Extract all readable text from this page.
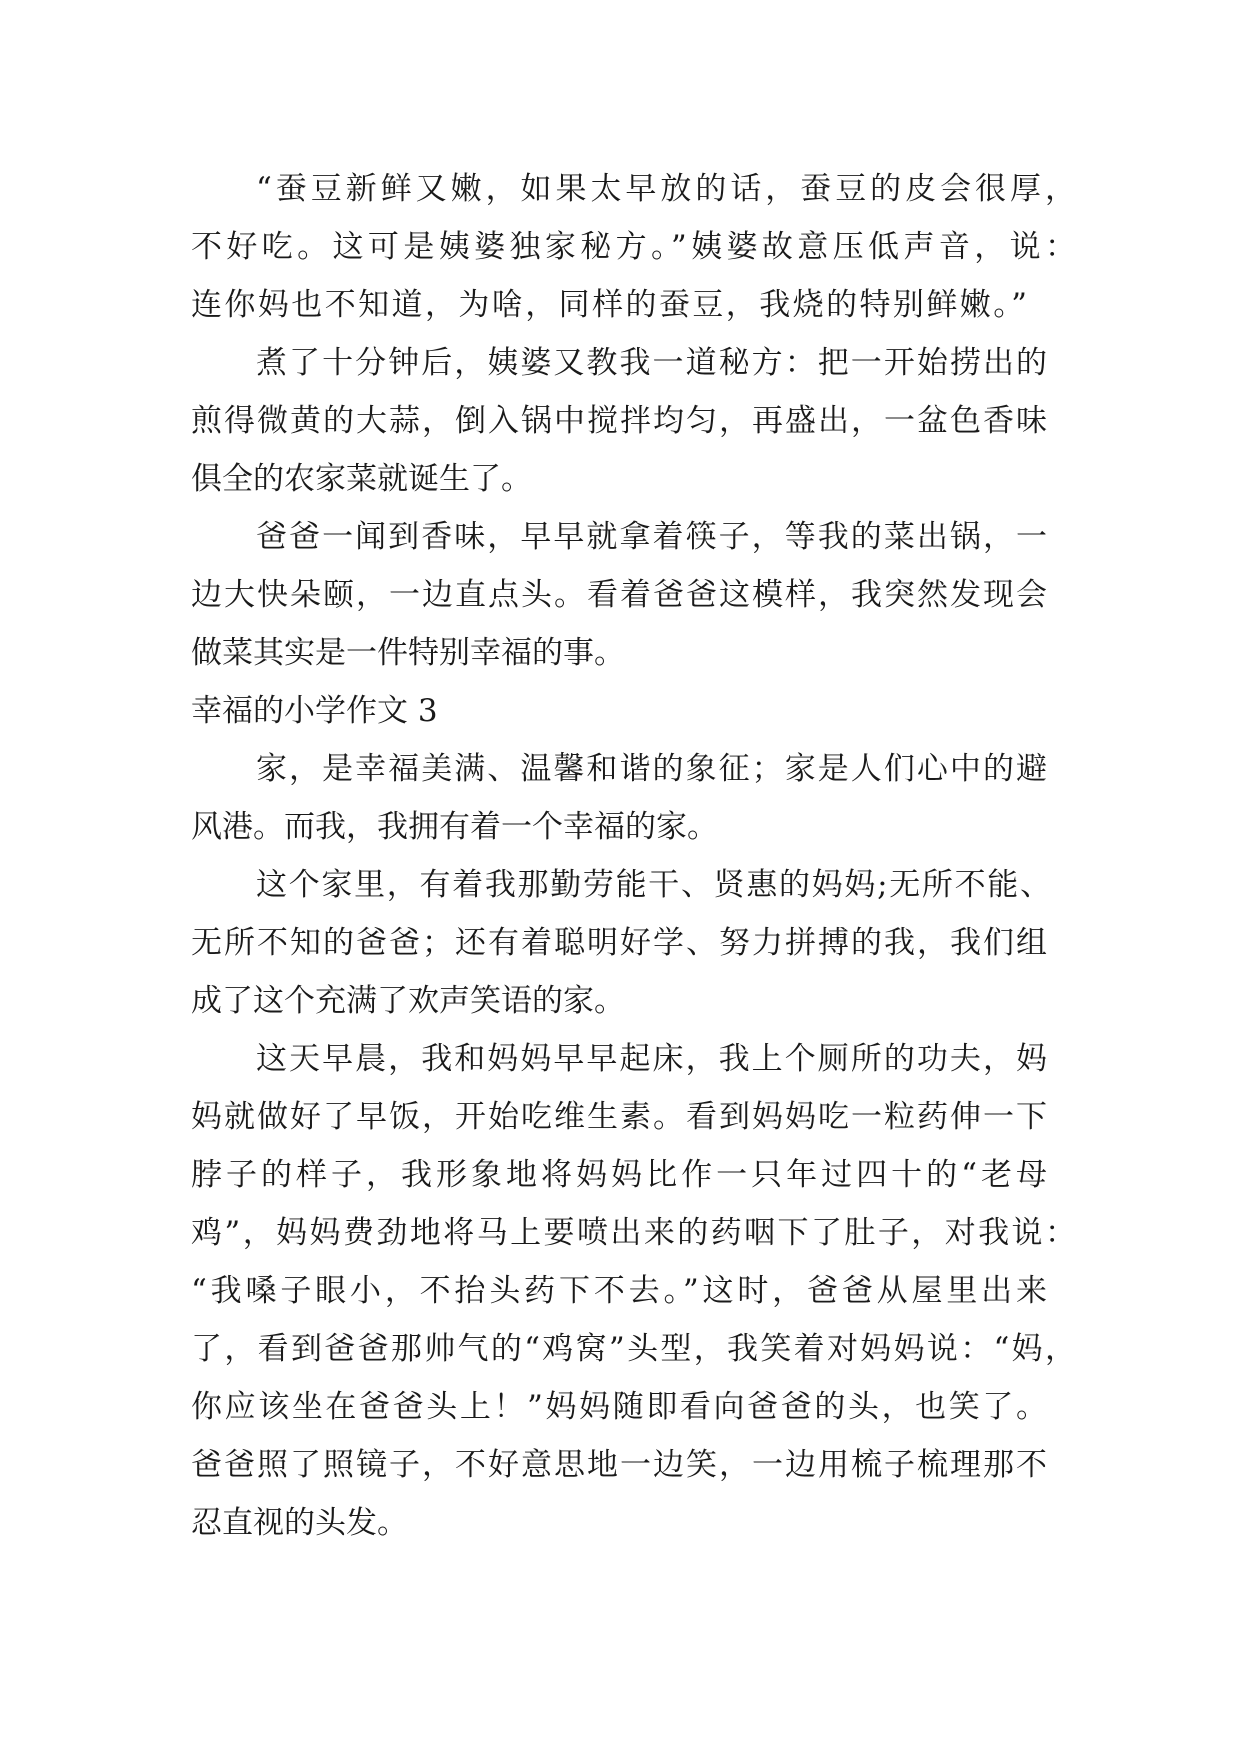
“蚕豆新鲜又嫩，如果太早放的话，蚕豆的皮会很厚，
不好吃。这可是姨婆独家秘方。”姨婆故意压低声音，说：
连你妈也不知道，为啥，同样的蚕豆，我烧的特别鲜嫩。”
煮了十分钟后，姨婆又教我一道秘方：把一开始捞出的
煎得微黄的大蒜，倒入锅中搅拌均匀，再盛出，一盆色香味
俱全的农家菜就诞生了。
爸爸一闻到香味，早早就拿着筷子，等我的菜出锅，一
边大快朵颐，一边直点头。看着爸爸这模样，我突然发现会
做菜其实是一件特别幸福的事。
幸福的小学作文 3
家，是幸福美满、温馨和谐的象征；家是人们心中的避
风港。而我，我拥有着一个幸福的家。
这个家里，有着我那勤劳能干、贤惠的妈妈;无所不能、
无所不知的爸爸；还有着聪明好学、努力拼搏的我，我们组
成了这个充满了欢声笑语的家。
这天早晨，我和妈妈早早起床，我上个厕所的功夫，妈
妈就做好了早饭，开始吃维生素。看到妈妈吃一粒药伸一下
脖子的样子，我形象地将妈妈比作一只年过四十的“老母
鸡”，妈妈费劲地将马上要喷出来的药咽下了肚子，对我说：
“我嗓子眼小，不抬头药下不去。”这时，爸爸从屋里出来
了，看到爸爸那帅气的“鸡窝”头型，我笑着对妈妈说：“妈，
你应该坐在爸爸头上！”妈妈随即看向爸爸的头，也笑了。
爸爸照了照镜子，不好意思地一边笑，一边用梳子梳理那不
忍直视的头发。
